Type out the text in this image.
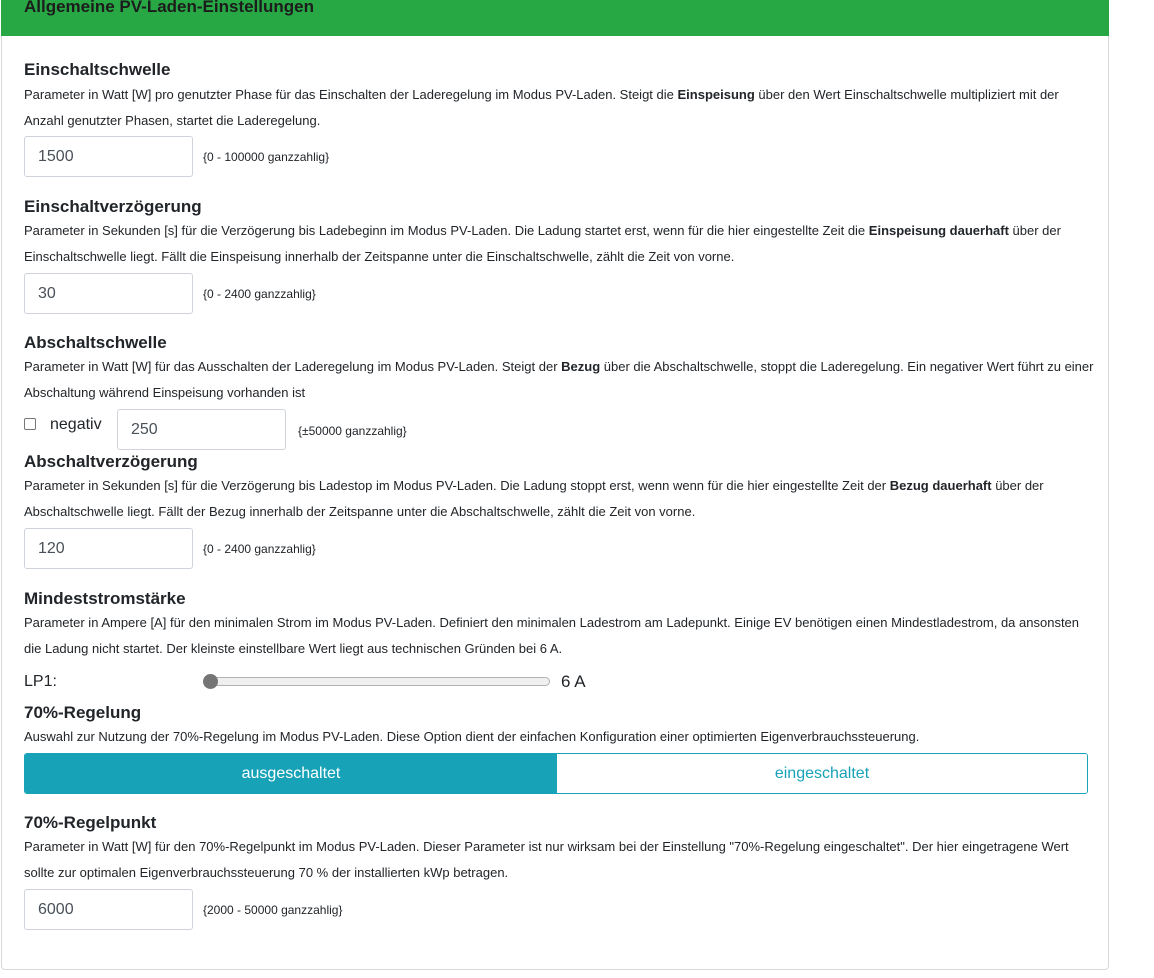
Allgemeine PV-Laden-Einstellungen
Einschaltschwelle
Parameter in Watt [W] pro genutzter Phase für das Einschalten der Laderegelung im Modus PV-Laden. Steigt die Einspeisung über den Wert Einschaltschwelle multipliziert mit der Anzahl genutzter Phasen, startet die Laderegelung.
1500	{0 - 100000 ganzzahlig}
Einschaltverzögerung
Parameter in Sekunden [s] für die Verzögerung bis Ladebeginn im Modus PV-Laden. Die Ladung startet erst, wenn für die hier eingestellte Zeit die Einspeisung dauerhaft über der Einschaltschwelle liegt. Fällt die Einspeisung innerhalb der Zeitspanne unter die Einschaltschwelle, zählt die Zeit von vorne.
30	{0 - 2400 ganzzahlig}
Abschaltschwelle
Parameter in Watt [W] für das Ausschalten der Laderegelung im Modus PV-Laden. Steigt der Bezug über die Abschaltschwelle, stoppt die Laderegelung. Ein negativer Wert führt zu einer Abschaltung während Einspeisung vorhanden ist
negativ	250	{±50000 ganzzahlig}
Abschaltverzögerung
Parameter in Sekunden [s] für die Verzögerung bis Ladestop im Modus PV-Laden. Die Ladung stoppt erst, wenn wenn für die hier eingestellte Zeit der Bezug dauerhaft über der Abschaltschwelle liegt. Fällt der Bezug innerhalb der Zeitspanne unter die Abschaltschwelle, zählt die Zeit von vorne.
120	{0 - 2400 ganzzahlig}
Mindeststromstärke
Parameter in Ampere [A] für den minimalen Strom im Modus PV-Laden. Definiert den minimalen Ladestrom am Ladepunkt. Einige EV benötigen einen Mindestladestrom, da ansonsten die Ladung nicht startet. Der kleinste einstellbare Wert liegt aus technischen Gründen bei 6 A.
LP1:	6 A
70%-Regelung
Auswahl zur Nutzung der 70%-Regelung im Modus PV-Laden. Diese Option dient der einfachen Konfiguration einer optimierten Eigenverbrauchssteuerung.
ausgeschaltet	eingeschaltet
70%-Regelpunkt
Parameter in Watt [W] für den 70%-Regelpunkt im Modus PV-Laden. Dieser Parameter ist nur wirksam bei der Einstellung "70%-Regelung eingeschaltet". Der hier eingetragene Wert sollte zur optimalen Eigenverbrauchssteuerung 70 % der installierten kWp betragen.
6000	{2000 - 50000 ganzzahlig}
